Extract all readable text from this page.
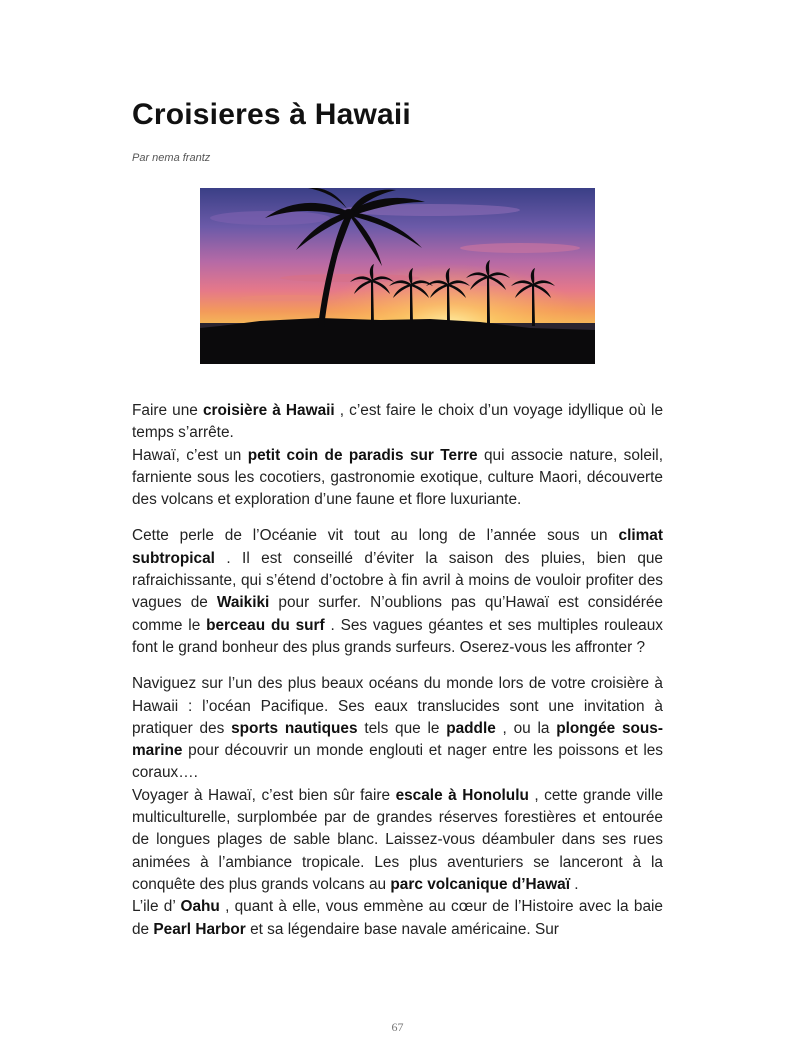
Croisieres à Hawaii
Par nema frantz

Faire une croisière à Hawaii , c’est faire le choix d’un voyage idyllique où le temps s’arrête.

Hawaï, c’est un petit coin de paradis sur Terre qui associe nature, soleil, farniente sous les cocotiers, gastronomie exotique, culture Maori, découverte des volcans et exploration d’une faune et flore luxuriante.

Cette perle de l’Océanie vit tout au long de l’année sous un climat subtropical . Il est conseillé d’éviter la saison des pluies, bien que rafraichissante, qui s’étend d’octobre à fin avril à moins de vouloir profiter des vagues de Waikiki pour surfer. N’oublions pas qu’Hawaï est considérée comme le berceau du surf . Ses vagues géantes et ses multiples rouleaux font le grand bonheur des plus grands surfeurs. Oserez-vous les affronter ?

Naviguez sur l’un des plus beaux océans du monde lors de votre croisière à Hawaii : l’océan Pacifique. Ses eaux translucides sont une invitation à pratiquer des sports nautiques tels que le paddle , ou la plongée sous-marine pour découvrir un monde englouti et nager entre les poissons et les coraux….

Voyager à Hawaï, c’est bien sûr faire escale à Honolulu , cette grande ville multiculturelle, surplombée par de grandes réserves forestières et entourée de longues plages de sable blanc. Laissez-vous déambuler dans ses rues animées à l’ambiance tropicale. Les plus aventuriers se lanceront à la conquête des plus grands volcans au parc volcanique d’Hawaï .

L’ile d’ Oahu , quant à elle, vous emmène au cœur de l’Histoire avec la baie de Pearl Harbor et sa légendaire base navale américaine. Sur

67
